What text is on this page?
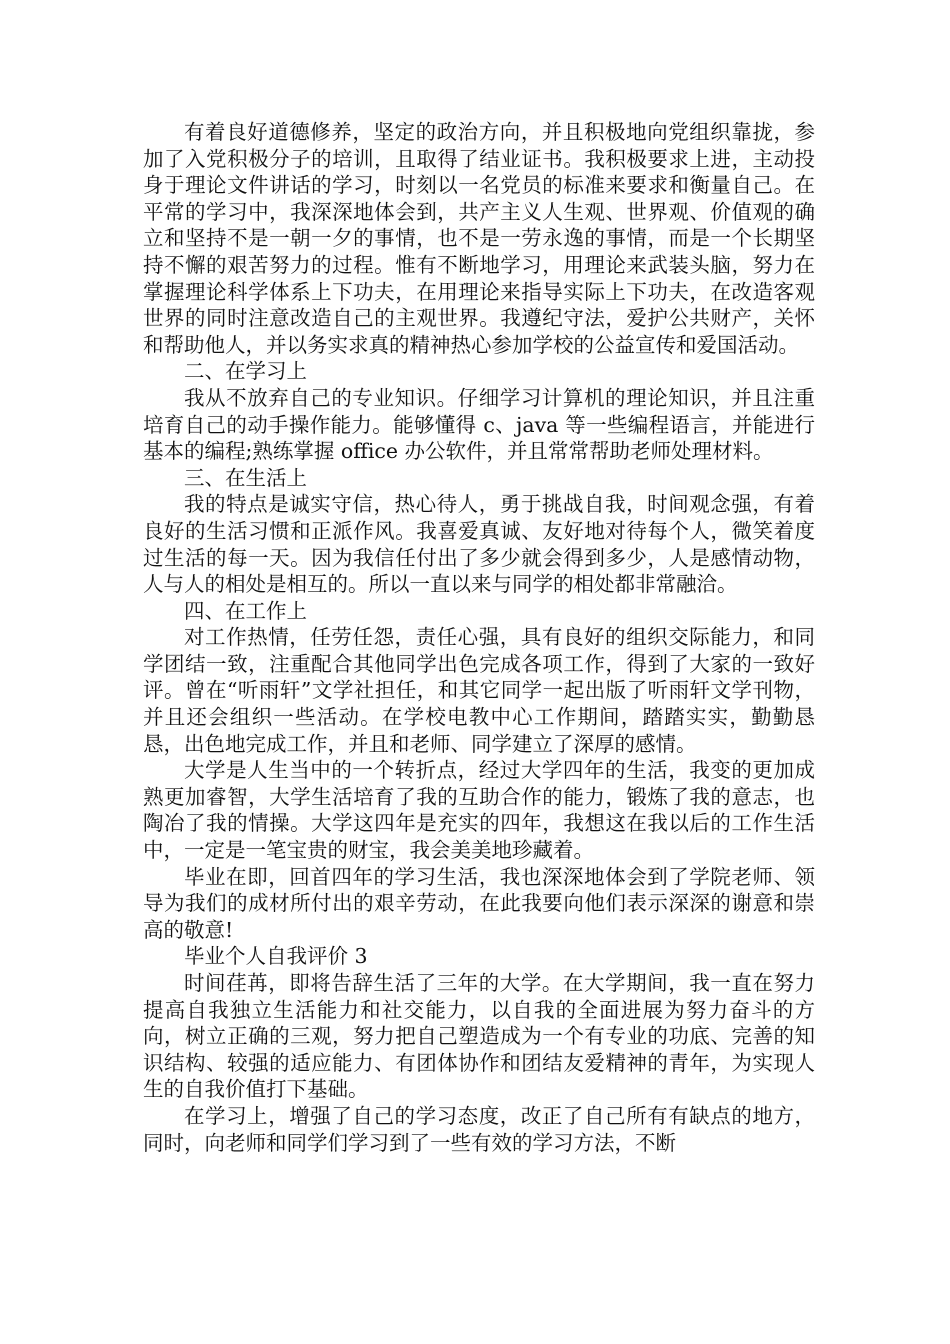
有着良好道德修养，坚定的政治方向，并且积极地向党组织靠拢，参加了入党积极分子的培训，且取得了结业证书。我积极要求上进，主动投身于理论文件讲话的学习，时刻以一名党员的标准来要求和衡量自己。在平常的学习中，我深深地体会到，共产主义人生观、世界观、价值观的确立和坚持不是一朝一夕的事情，也不是一劳永逸的事情，而是一个长期坚持不懈的艰苦努力的过程。惟有不断地学习，用理论来武装头脑，努力在掌握理论科学体系上下功夫，在用理论来指导实际上下功夫，在改造客观世界的同时注意改造自己的主观世界。我遵纪守法，爱护公共财产，关怀和帮助他人，并以务实求真的精神热心参加学校的公益宣传和爱国活动。

二、在学习上

我从不放弃自己的专业知识。仔细学习计算机的理论知识，并且注重培育自己的动手操作能力。能够懂得 c、java 等一些编程语言，并能进行基本的编程;熟练掌握 office 办公软件，并且常常帮助老师处理材料。

三、在生活上

我的特点是诚实守信，热心待人，勇于挑战自我，时间观念强，有着良好的生活习惯和正派作风。我喜爱真诚、友好地对待每个人，微笑着度过生活的每一天。因为我信任付出了多少就会得到多少，人是感情动物，人与人的相处是相互的。所以一直以来与同学的相处都非常融洽。

四、在工作上

对工作热情，任劳任怨，责任心强，具有良好的组织交际能力，和同学团结一致，注重配合其他同学出色完成各项工作，得到了大家的一致好评。曾在“听雨轩”文学社担任，和其它同学一起出版了听雨轩文学刊物，并且还会组织一些活动。在学校电教中心工作期间，踏踏实实，勤勤恳恳，出色地完成工作，并且和老师、同学建立了深厚的感情。

大学是人生当中的一个转折点，经过大学四年的生活，我变的更加成熟更加睿智，大学生活培育了我的互助合作的能力，锻炼了我的意志，也陶冶了我的情操。大学这四年是充实的四年，我想这在我以后的工作生活中，一定是一笔宝贵的财宝，我会美美地珍藏着。

毕业在即，回首四年的学习生活，我也深深地体会到了学院老师、领导为我们的成材所付出的艰辛劳动，在此我要向他们表示深深的谢意和崇高的敬意!

毕业个人自我评价 3

时间荏苒，即将告辞生活了三年的大学。在大学期间，我一直在努力提高自我独立生活能力和社交能力，以自我的全面进展为努力奋斗的方向，树立正确的三观，努力把自己塑造成为一个有专业的功底、完善的知识结构、较强的适应能力、有团体协作和团结友爱精神的青年，为实现人生的自我价值打下基础。

在学习上，增强了自己的学习态度，改正了自己所有有缺点的地方，同时，向老师和同学们学习到了一些有效的学习方法，不断
